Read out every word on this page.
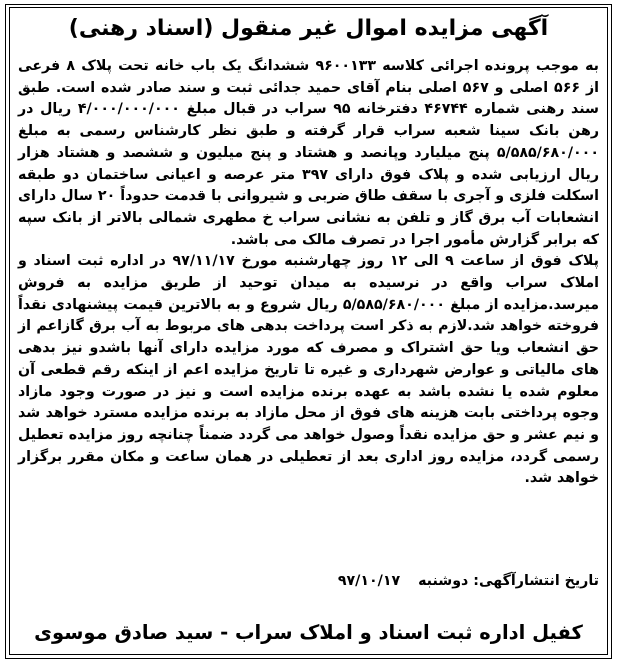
آگهی مزایده اموال غیر منقول (اسناد رهنی)

به موجب پرونده اجرائی کلاسه ۹۶۰۰۱۳۳ ششدانگ یک باب خانه تحت پلاک ۸ فرعی از ۵۶۶ اصلی و ۵۶۷ اصلی بنام آقای حمید جدائی ثبت و سند صادر شده است. طبق سند رهنی شماره ۴۶۷۴۴ دفترخانه ۹۵ سراب در قبال مبلغ ۴/۰۰۰/۰۰۰/۰۰۰ ریال در رهن بانک سینا شعبه سراب قرار گرفته و طبق نظر کارشناس رسمی به مبلغ ۵/۵۸۵/۶۸۰/۰۰۰ پنج میلیارد وپانصد و هشتاد و پنج میلیون و ششصد و هشتاد هزار ریال ارزیابی شده و پلاک فوق دارای ۳۹۷ متر عرصه و اعیانی ساختمان دو طبقه اسکلت فلزی و آجری با سقف طاق ضربی و شیروانی با قدمت حدوداً ۲۰ سال دارای انشعابات آب برق گاز و تلفن به نشانی سراب خ مطهری شمالی بالاتر از بانک سپه که برابر گزارش مأمور اجرا در تصرف مالک می باشد.

پلاک فوق از ساعت ۹ الی ۱۲ روز چهارشنبه مورخ ۹۷/۱۱/۱۷ در اداره ثبت اسناد و املاک سراب واقع در نرسیده به میدان توحید از طریق مزایده به فروش میرسد.مزایده از مبلغ ۵/۵۸۵/۶۸۰/۰۰۰ ریال شروع و به بالاترین قیمت پیشنهادی نقداً فروخته خواهد شد.لازم به ذکر است پرداخت بدهی های مربوط به آب برق گازاعم از حق انشعاب ویا حق اشتراک و مصرف که مورد مزایده دارای آنها باشدو نیز بدهی های مالیاتی و عوارض شهرداری و غیره تا تاریخ مزایده اعم از اینکه رقم قطعی آن معلوم شده یا نشده باشد به عهده برنده مزایده است و نیز در صورت وجود مازاد وجوه پرداختی بابت هزینه های فوق از محل مازاد به برنده مزایده مسترد خواهد شد و نیم عشر و حق مزایده نقداً وصول خواهد می گردد ضمناً چنانچه روز مزایده تعطیل رسمی گردد، مزایده روز اداری بعد از تعطیلی در همان ساعت و مکان مقرر برگزار خواهد شد.

تاریخ انتشارآگهی: دوشنبه  ۹۷/۱۰/۱۷
کفیل اداره ثبت اسناد و املاک سراب - سید صادق موسوی
